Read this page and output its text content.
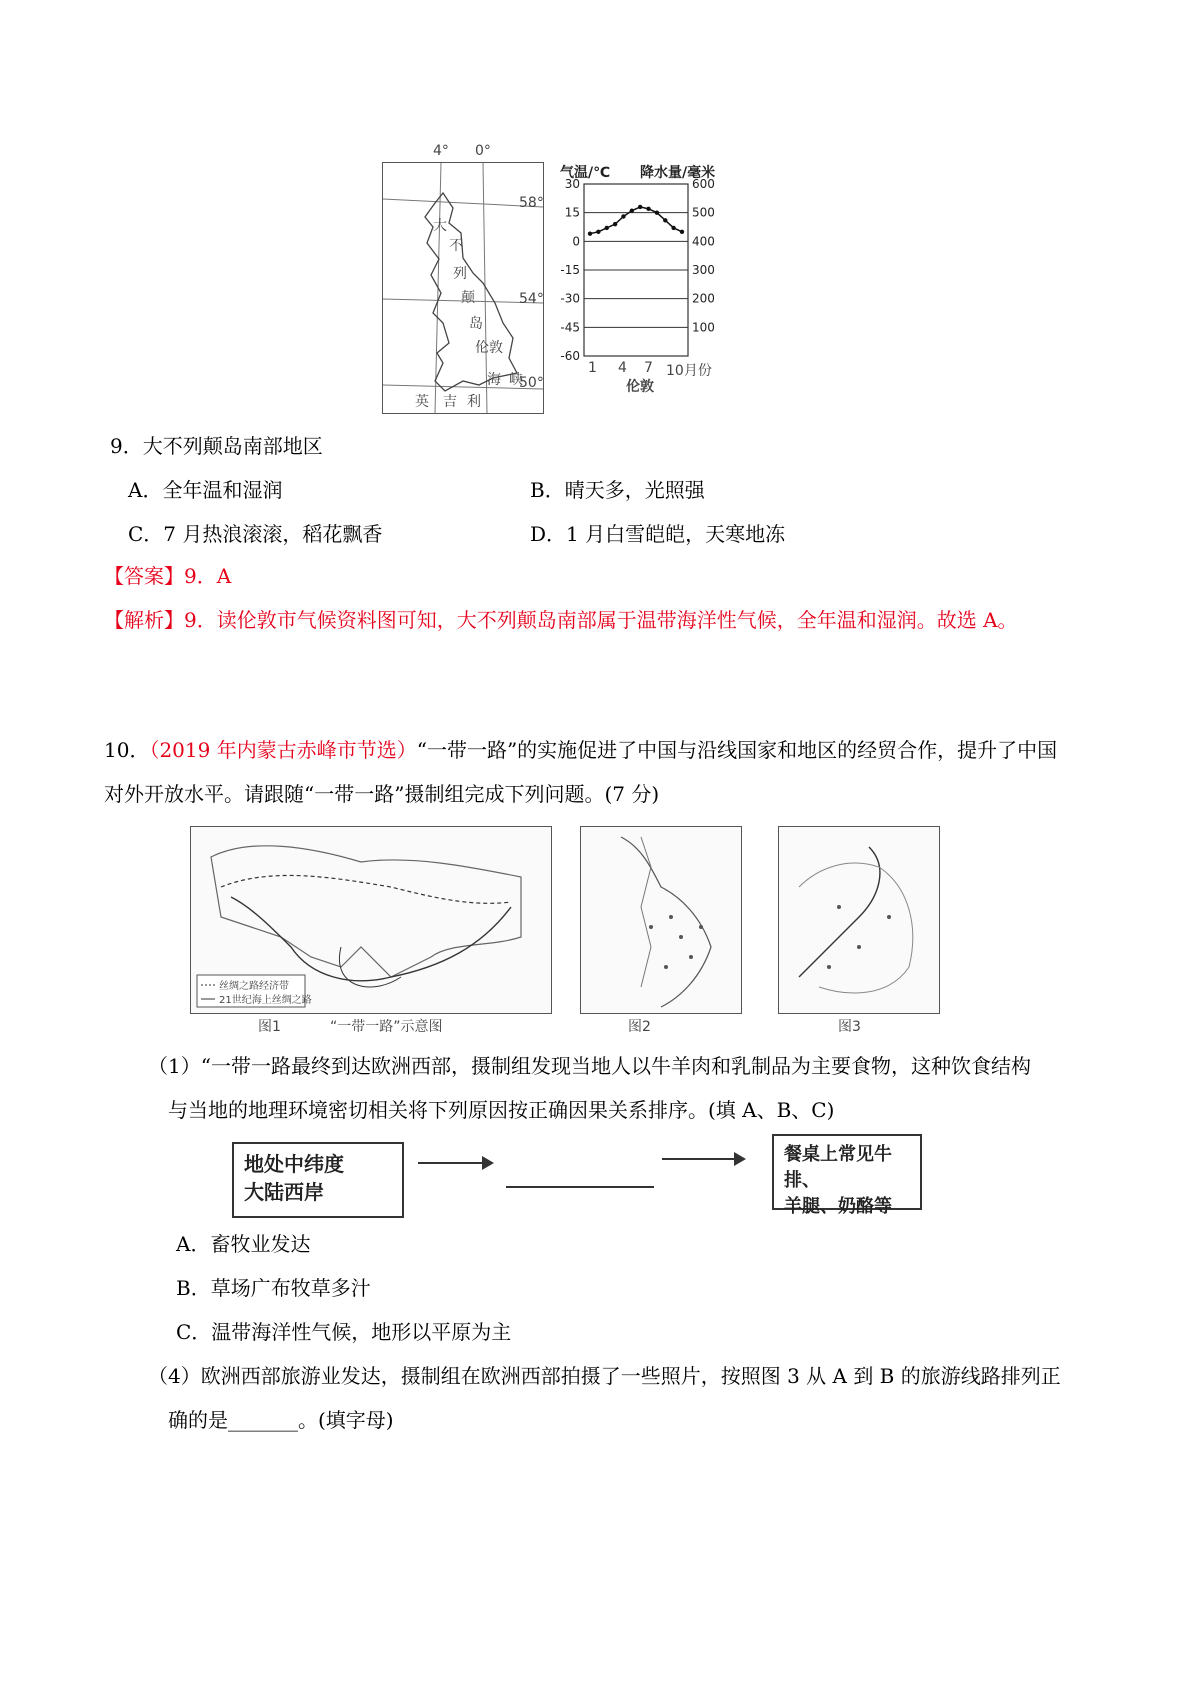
4° 0°
58°
54°
50°
大
不
列
颠
岛
伦敦
英 吉 利
海 峡
气温/℃ 降水量/毫米
30
15
0
-15
-30
-45
-60
600
500
400
300
200
100
1 4 7 10月份
伦敦
9．大不列颠岛南部地区
A．全年温和湿润	B．晴天多，光照强
C．7 月热浪滚滚，稻花飘香	D．1 月白雪皑皑，天寒地冻
【答案】9．A
【解析】9．读伦敦市气候资料图可知，大不列颠岛南部属于温带海洋性气候，全年温和湿润。故选 A。
10．（2019 年内蒙古赤峰市节选）“一带一路”的实施促进了中国与沿线国家和地区的经贸合作，提升了中国
对外开放水平。请跟随“一带一路”摄制组完成下列问题。(7 分)
丝绸之路经济带
21世纪海上丝绸之路
图1	“一带一路”示意图	图2	图3
（1）“一带一路最终到达欧洲西部，摄制组发现当地人以牛羊肉和乳制品为主要食物，这种饮食结构
与当地的地理环境密切相关将下列原因按正确因果关系排序。(填 A、B、C)
地处中纬度
大陆西岸
餐桌上常见牛排、
羊腿、奶酪等
A．畜牧业发达
B．草场广布牧草多汁
C．温带海洋性气候，地形以平原为主
（4）欧洲西部旅游业发达，摄制组在欧洲西部拍摄了一些照片，按照图 3 从 A 到 B 的旅游线路排列正
确的是_______。(填字母)
